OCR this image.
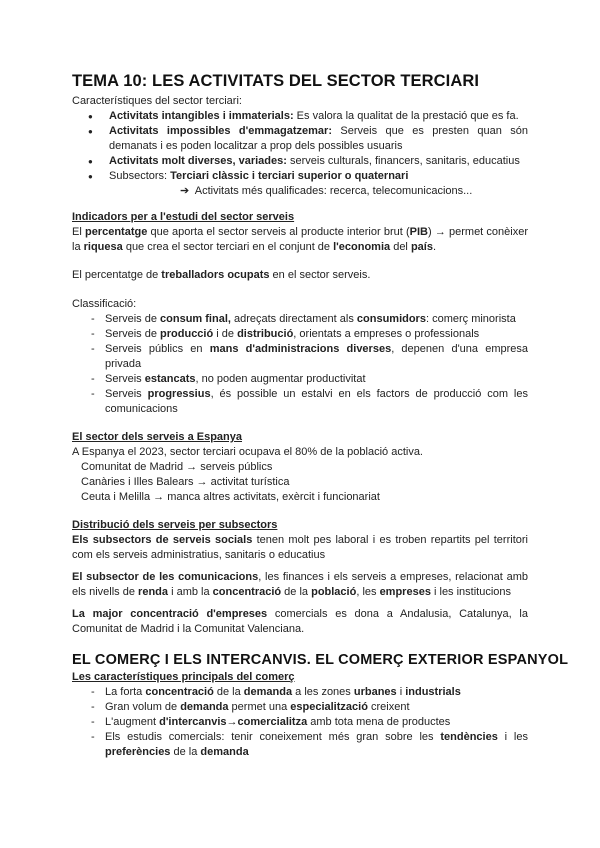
TEMA 10: LES ACTIVITATS DEL SECTOR TERCIARI
Característiques del sector terciari:
● Activitats intangibles i immaterials: Es valora la qualitat de la prestació que es fa.
● Activitats impossibles d'emmagatzemar: Serveis que es presten quan són demanats i es poden localitzar a prop dels possibles usuaris
● Activitats molt diverses, variades: serveis culturals, financers, sanitaris, educatius
● Subsectors: Terciari clàssic i terciari superior o quaternari
➔ Activitats més qualificades: recerca, telecomunicacions...
Indicadors per a l'estudi del sector serveis
El percentatge que aporta el sector serveis al producte interior brut (PIB) → permet conèixer la riquesa que crea el sector terciari en el conjunt de l'economia del país.
El percentatge de treballadors ocupats en el sector serveis.
Classificació:
- Serveis de consum final, adreçats directament als consumidors: comerç minorista
- Serveis de producció i de distribució, orientats a empreses o professionals
- Serveis públics en mans d'administracions diverses, depenen d'una empresa privada
- Serveis estancats, no poden augmentar productivitat
- Serveis progressius, és possible un estalvi en els factors de producció com les comunicacions
El sector dels serveis a Espanya
A Espanya el 2023, sector terciari ocupava el 80% de la població activa.
Comunitat de Madrid → serveis públics
Canàries i Illes Balears → activitat turística
Ceuta i Melilla → manca altres activitats, exèrcit i funcionariat
Distribució dels serveis per subsectors
Els subsectors de serveis socials tenen molt pes laboral i es troben repartits pel territori com els serveis administratius, sanitaris o educatius
El subsector de les comunicacions, les finances i els serveis a empreses, relacionat amb els nivells de renda i amb la concentració de la població, les empreses i les institucions
La major concentració d'empreses comercials es dona a Andalusia, Catalunya, la Comunitat de Madrid i la Comunitat Valenciana.
EL COMERÇ I ELS INTERCANVIS. EL COMERÇ EXTERIOR ESPANYOL
Les característiques principals del comerç
- La forta concentració de la demanda a les zones urbanes i industrials
- Gran volum de demanda permet una especialització creixent
- L'augment d'intercanvis→comercialitza amb tota mena de productes
- Els estudis comercials: tenir coneixement més gran sobre les tendències i les preferències de la demanda
